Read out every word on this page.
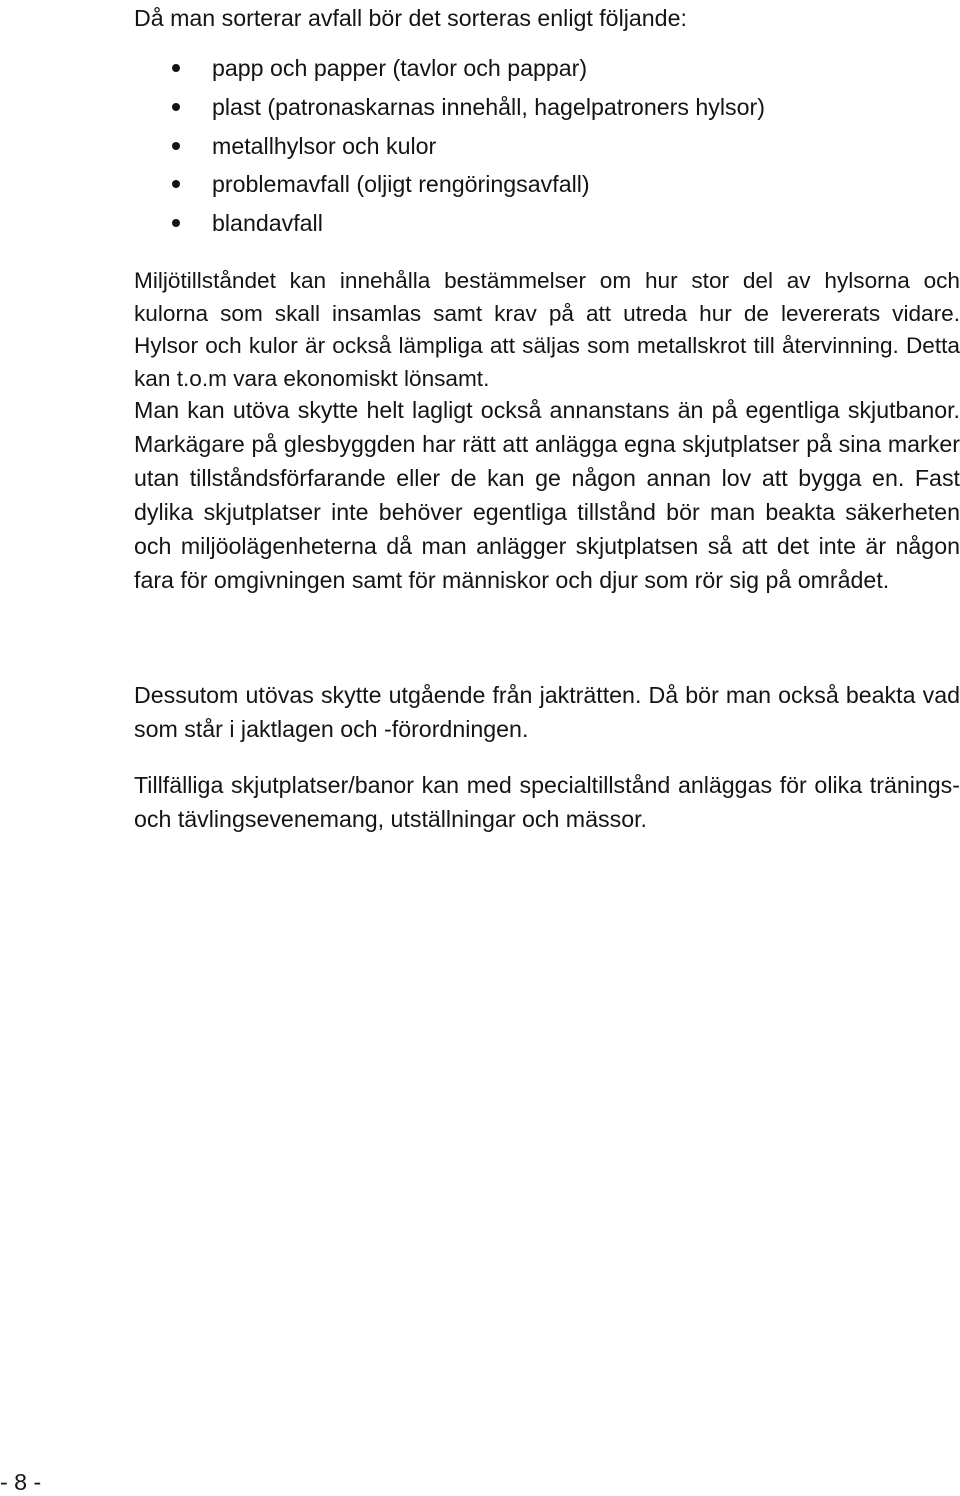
Då man sorterar avfall bör det sorteras enligt följande:
papp och papper (tavlor och pappar)
plast (patronaskarnas innehåll, hagelpatroners hylsor)
metallhylsor och kulor
problemavfall (oljigt rengöringsavfall)
blandavfall

Miljötillståndet kan innehålla bestämmelser om hur stor del av hylsorna och kulorna som skall insamlas samt krav på att utreda hur de levererats vidare. Hylsor och kulor är också lämpliga att säljas som metallskrot till återvinning. Detta kan t.o.m vara ekonomiskt lönsamt.

Man kan utöva skytte helt lagligt också annanstans än på egentliga skjutbanor. Markägare på glesbyggden har rätt att anlägga egna skjutplatser på sina marker utan tillståndsförfarande eller de kan ge någon annan lov att bygga en. Fast dylika skjutplatser inte behöver egentliga tillstånd bör man beakta säkerheten och miljöolägenheterna då man anlägger skjutplatsen så att det inte är någon fara för omgivningen samt för människor och djur som rör sig på området.

Dessutom utövas skytte utgående från jakträtten. Då bör man också beakta vad som står i jaktlagen och -förordningen.

Tillfälliga skjutplatser/banor kan med specialtillstånd anläggas för olika tränings- och tävlingsevenemang, utställningar och mässor.

- 8 -
